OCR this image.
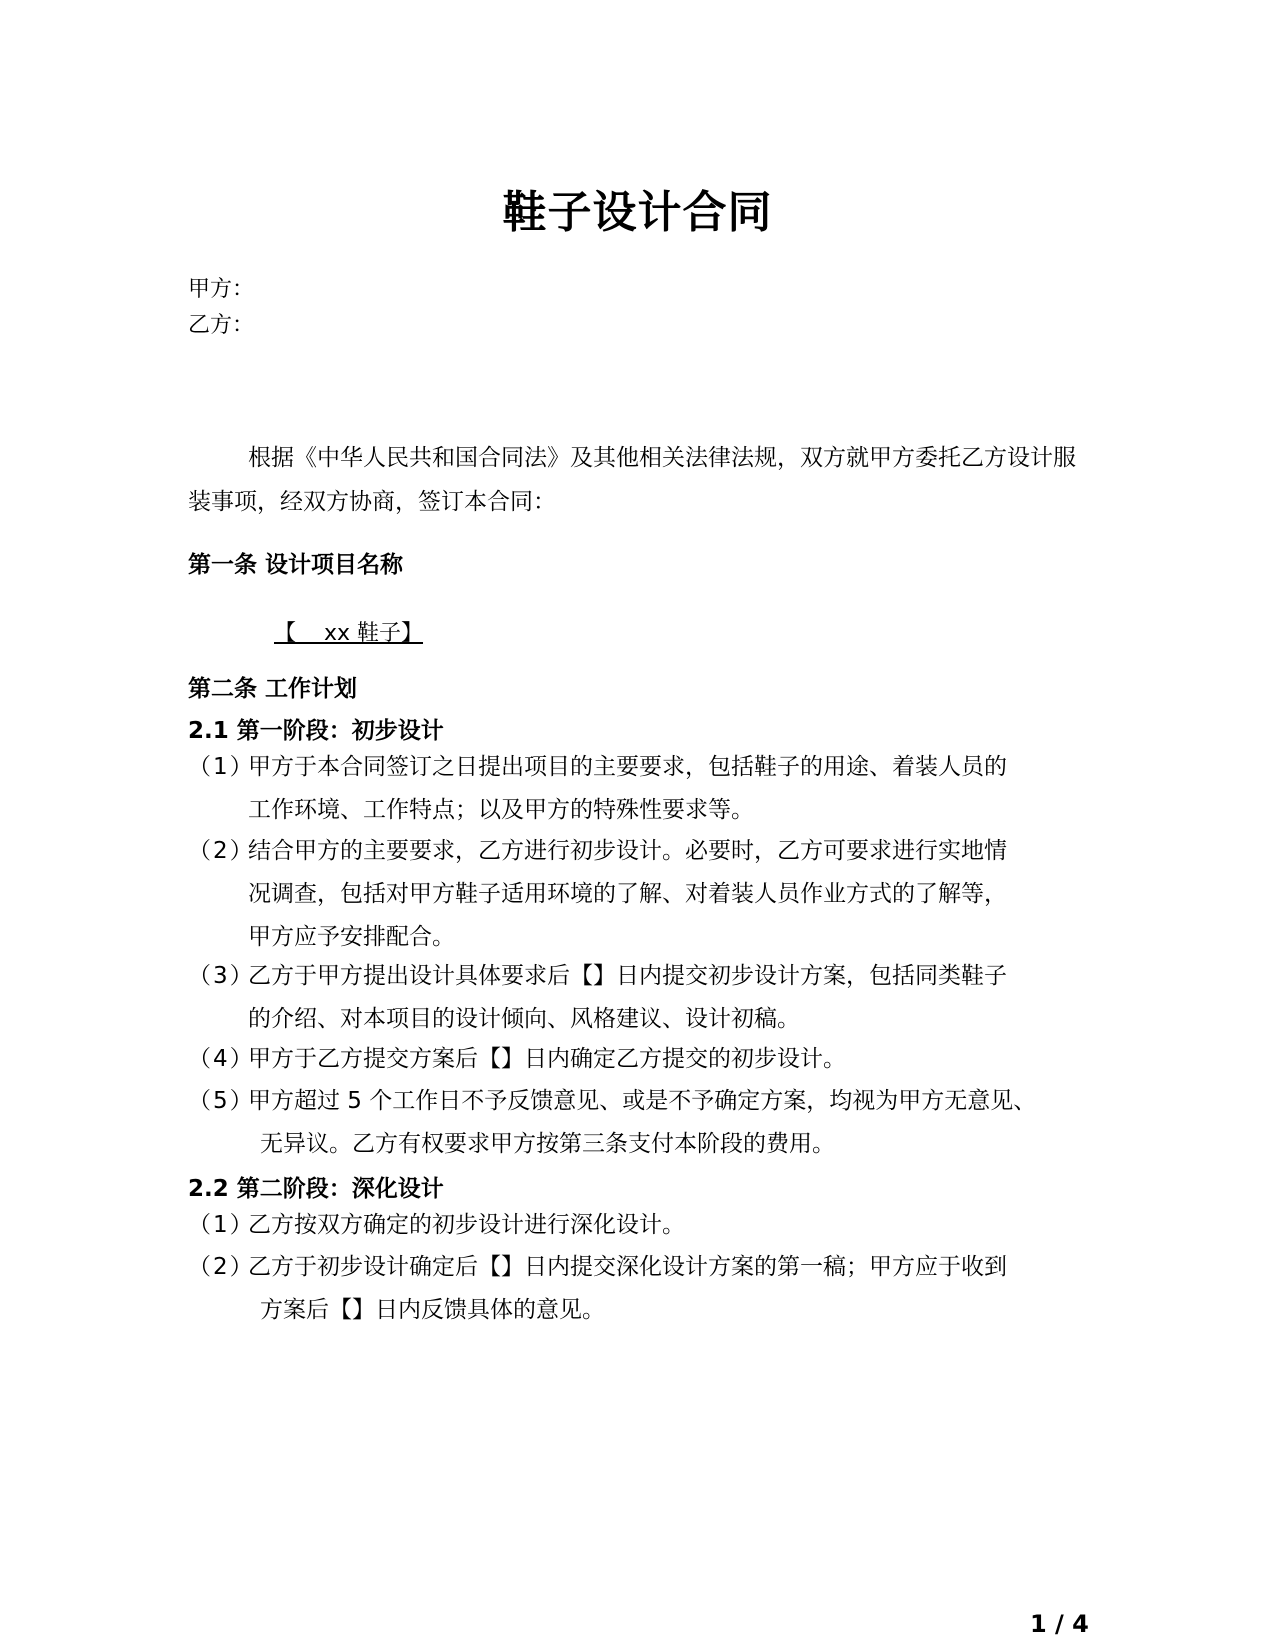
鞋子设计合同
甲方：
乙方：
根据《中华人民共和国合同法》及其他相关法律法规，双方就甲方委托乙方设计服装事项，经双方协商，签订本合同：
第一条 设计项目名称
【    xx 鞋子】
第二条 工作计划
2.1 第一阶段：初步设计
（1）甲方于本合同签订之日提出项目的主要要求，包括鞋子的用途、着装人员的
工作环境、工作特点；以及甲方的特殊性要求等。
（2）结合甲方的主要要求，乙方进行初步设计。必要时，乙方可要求进行实地情
况调查，包括对甲方鞋子适用环境的了解、对着装人员作业方式的了解等，
甲方应予安排配合。
（3）乙方于甲方提出设计具体要求后【】日内提交初步设计方案，包括同类鞋子
的介绍、对本项目的设计倾向、风格建议、设计初稿。
（4）甲方于乙方提交方案后【】日内确定乙方提交的初步设计。
（5）甲方超过 5 个工作日不予反馈意见、或是不予确定方案，均视为甲方无意见、
无异议。乙方有权要求甲方按第三条支付本阶段的费用。
2.2 第二阶段：深化设计
（1）乙方按双方确定的初步设计进行深化设计。
（2）乙方于初步设计确定后【】日内提交深化设计方案的第一稿；甲方应于收到
方案后【】日内反馈具体的意见。
1 / 4
